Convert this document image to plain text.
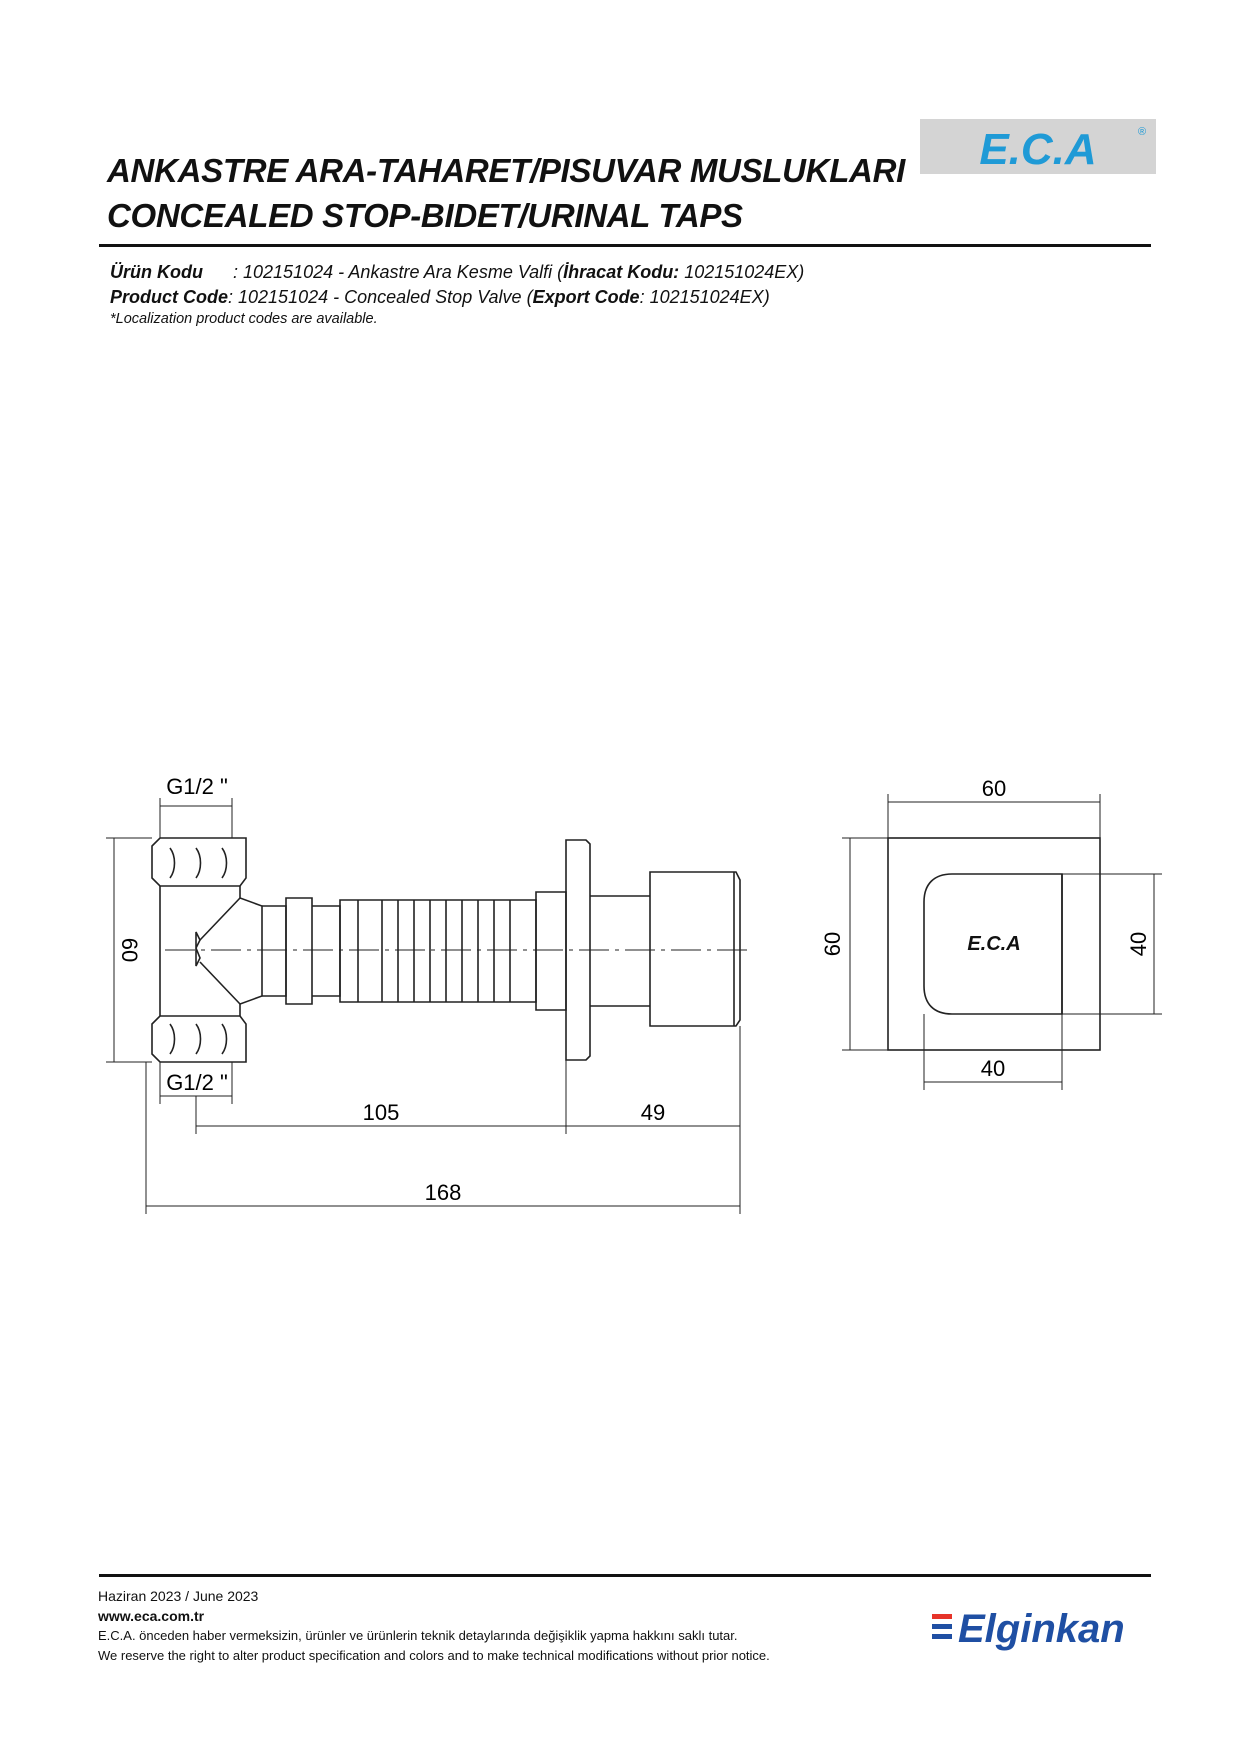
ANKASTRE ARA-TAHARET/PISUVAR MUSLUKLARI
CONCEALED STOP-BIDET/URINAL TAPS
E.C.A	®
Ürün Kodu      : 102151024 - Ankastre Ara Kesme Valfi (İhracat Kodu: 102151024EX)
Product Code: 102151024 - Concealed Stop Valve (Export Code: 102151024EX)
*Localization product codes are available.
G1/2 "
G1/2 "
60
105	49
168
E.C.A
60
60	40
40
Haziran 2023 / June 2023
www.eca.com.tr
E.C.A. önceden haber vermeksizin, ürünler ve ürünlerin teknik detaylarında değişiklik yapma hakkını saklı tutar.
We reserve the right to alter product specification and colors and to make technical modifications without prior notice.
Elginkan
